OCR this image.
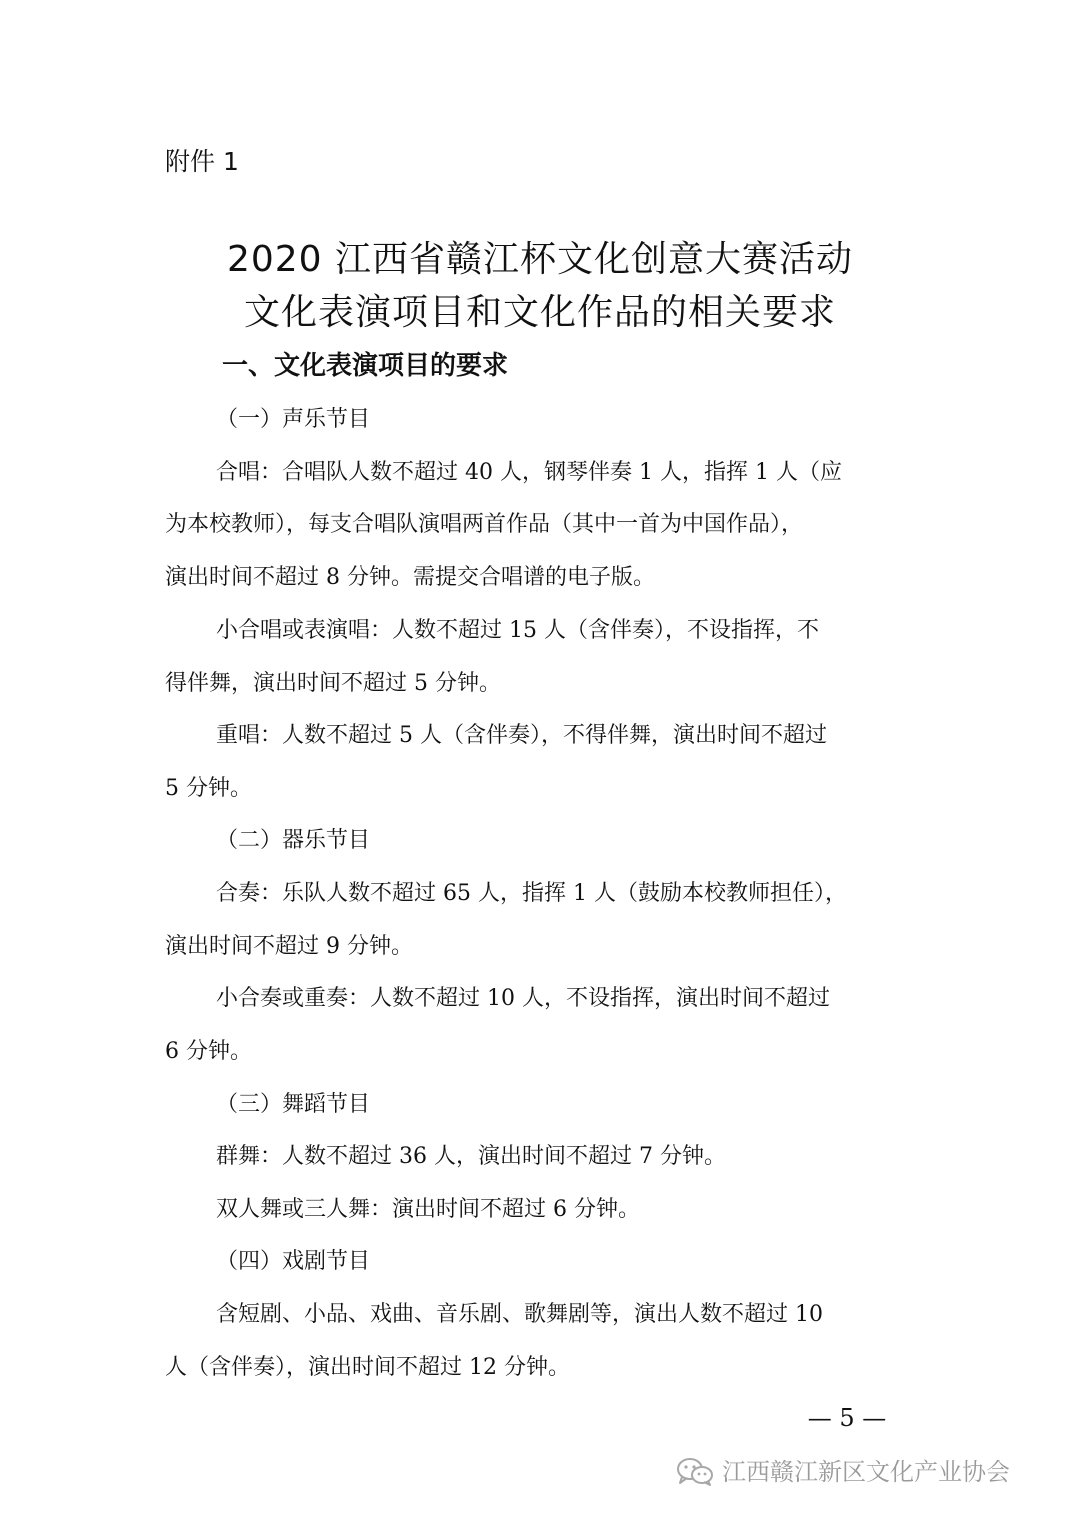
附件 1
2020 江西省赣江杯文化创意大赛活动
文化表演项目和文化作品的相关要求
一、文化表演项目的要求
（一）声乐节目
合唱：合唱队人数不超过 40 人，钢琴伴奏 1 人，指挥 1 人（应
为本校教师），每支合唱队演唱两首作品（其中一首为中国作品），
演出时间不超过 8 分钟。需提交合唱谱的电子版。
小合唱或表演唱：人数不超过 15 人（含伴奏），不设指挥，不
得伴舞，演出时间不超过 5 分钟。
重唱：人数不超过 5 人（含伴奏），不得伴舞，演出时间不超过
5 分钟。
（二）器乐节目
合奏：乐队人数不超过 65 人，指挥 1 人（鼓励本校教师担任），
演出时间不超过 9 分钟。
小合奏或重奏：人数不超过 10 人，不设指挥，演出时间不超过
6 分钟。
（三）舞蹈节目
群舞：人数不超过 36 人，演出时间不超过 7 分钟。
双人舞或三人舞：演出时间不超过 6 分钟。
（四）戏剧节目
含短剧、小品、戏曲、音乐剧、歌舞剧等，演出人数不超过 10
人（含伴奏），演出时间不超过 12 分钟。
— 5 —
江西赣江新区文化产业协会
